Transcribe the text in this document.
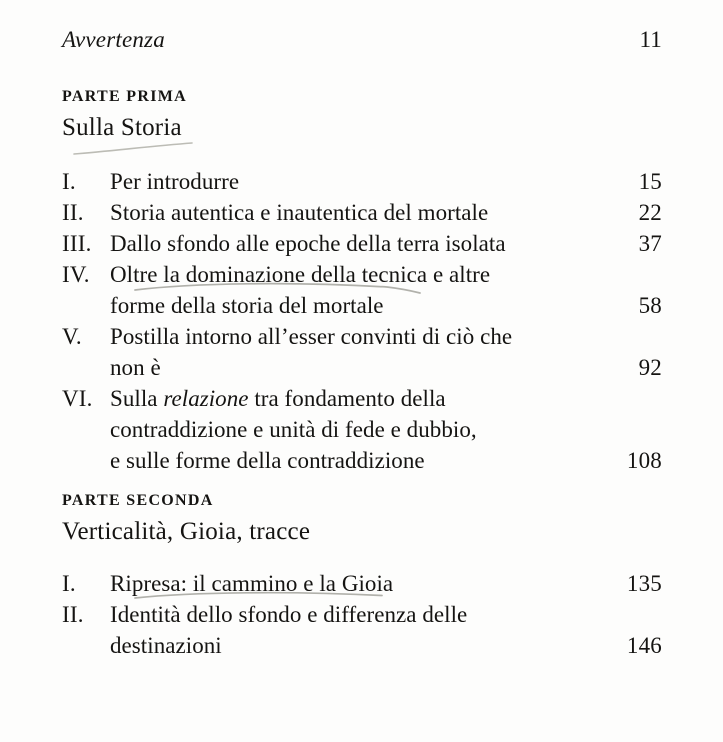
Avvertenza	11
PARTE PRIMA
Sulla Storia
I.	Per introdurre	15
II.	Storia autentica e inautentica del mortale	22
III. Dallo sfondo alle epoche della terra isolata	37
IV. Oltre la dominazione della tecnica e altre
forme della storia del mortale	58
V.	Postilla intorno all’esser convinti di ciò che
non è	92
VI. Sulla relazione tra fondamento della
contraddizione e unità di fede e dubbio,
e sulle forme della contraddizione	108
PARTE SECONDA
Verticalità, Gioia, tracce
I.	Ripresa: il cammino e la Gioia	135
II.	Identità dello sfondo e differenza delle
destinazioni	146
